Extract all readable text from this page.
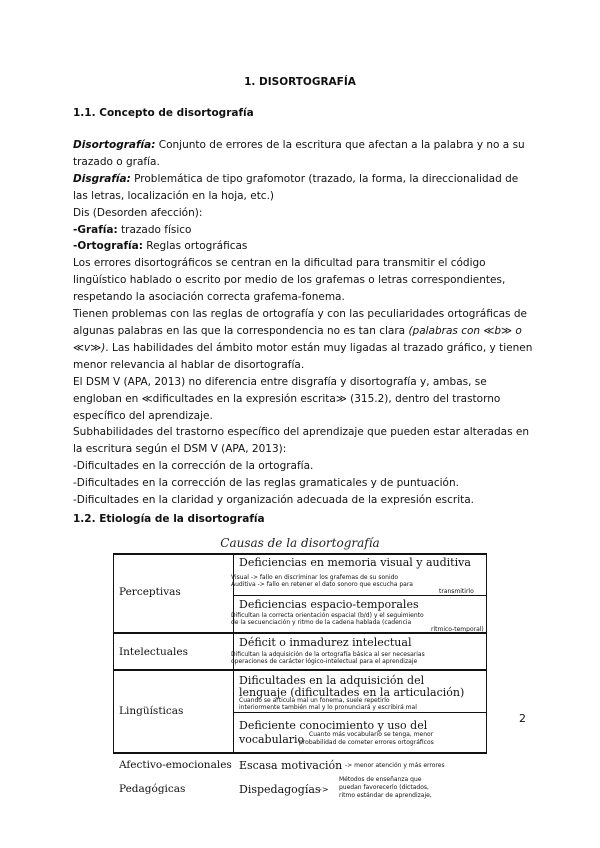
1. DISORTOGRAFÍA
1.1. Concepto de disortografía

Disortografía: Conjunto de errores de la escritura que afectan a la palabra y no a su trazado o grafía.

Disgrafía: Problemática de tipo grafomotor (trazado, la forma, la direccionalidad de las letras, localización en la hoja, etc.)

Dis (Desorden afección):

-Grafía: trazado físico

-Ortografía: Reglas ortográficas

Los errores disortográficos se centran en la dificultad para transmitir el código lingüístico hablado o escrito por medio de los grafemas o letras correspondientes, respetando la asociación correcta grafema-fonema.

Tienen problemas con las reglas de ortografía y con las peculiaridades ortográficas de algunas palabras en las que la correspondencia no es tan clara (palabras con ≪b≫ o ≪v≫). Las habilidades del ámbito motor están muy ligadas al trazado gráfico, y tienen menor relevancia al hablar de disortografía.

El DSM V (APA, 2013) no diferencia entre disgrafía y disortografía y, ambas, se engloban en ≪dificultades en la expresión escrita≫ (315.2), dentro del trastorno específico del aprendizaje.

Subhabilidades del trastorno específico del aprendizaje que pueden estar alteradas en la escritura según el DSM V (APA, 2013):

-Dificultades en la corrección de la ortografía.

-Dificultades en la corrección de las reglas gramaticales y de puntuación.

-Dificultades en la claridad y organización adecuada de la expresión escrita.

1.2. Etiología de la disortografía
Causas de la disortografía
Perceptivas
Deficiencias en memoria visual y auditiva
Visual -> fallo en discriminar los grafemas de su sonido
Auditiva -> fallo en retener el dato sonoro que escucha para
transmitirlo
Deficiencias espacio-temporales
Dificultan la correcta orientación espacial (b/d) y el seguimiento
de la secuenciación y ritmo de la cadena hablada (cadencia
rítmico-temporal)
Intelectuales
Déficit o inmadurez intelectual
Dificultan la adquisición de la ortografía básica al ser necesarias
operaciones de carácter lógico-intelectual para el aprendizaje
Lingüísticas
Dificultades en la adquisición del
lenguaje (dificultades en la articulación)
Cuando se articula mal un fonema, suele repetirlo
interiormente también mal y lo pronunciará y escribirá mal
Deficiente conocimiento y uso del
vocabulario Cuanto más vocabulario se tenga, menor
probabilidad de cometer errores ortográficos
Afectivo-emocionales Escasa motivación -> menor atención y más errores
Pedagógicas	Dispedagogías
->
Métodos de enseñanza que
puedan favorecerlo (dictados,
ritmo estándar de aprendizaje,
2
